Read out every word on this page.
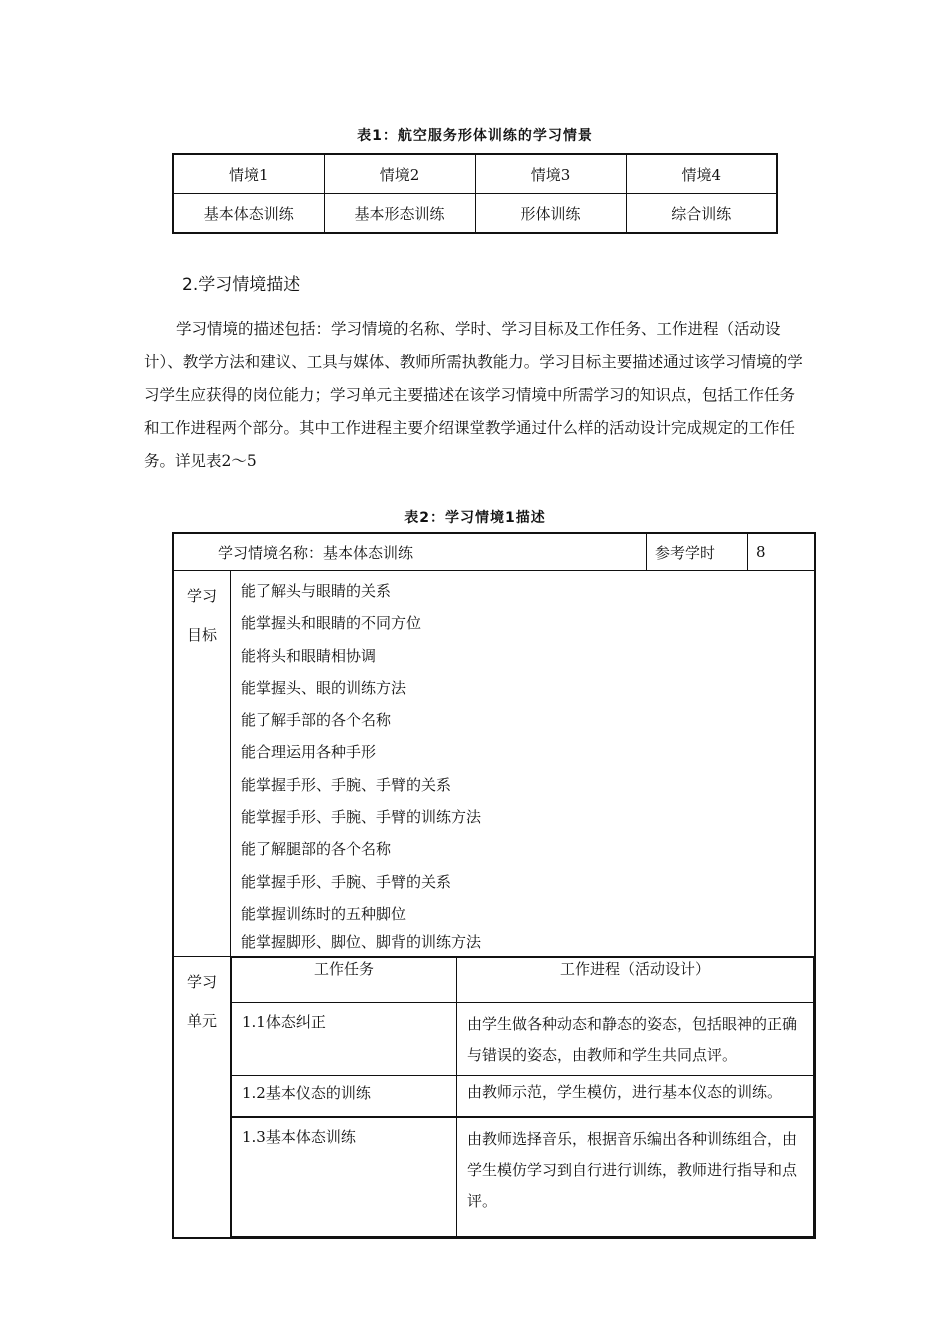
表1：航空服务形体训练的学习情景
情境1	情境2	情境3	情境4
基本体态训练	基本形态训练	形体训练	综合训练
2.学习情境描述
学习情境的描述包括：学习情境的名称、学时、学习目标及工作任务、工作进程（活动设计）、教学方法和建议、工具与媒体、教师所需执教能力。学习目标主要描述通过该学习情境的学习学生应获得的岗位能力；学习单元主要描述在该学习情境中所需学习的知识点，包括工作任务和工作进程两个部分。其中工作进程主要介绍课堂教学通过什么样的活动设计完成规定的工作任务。详见表2～5
表2：学习情境1描述
学习情境名称：基本体态训练	参考学时	8

学习目标

能了解头与眼睛的关系
能掌握头和眼睛的不同方位
能将头和眼睛相协调
能掌握头、眼的训练方法
能了解手部的各个名称
能合理运用各种手形
能掌握手形、手腕、手臂的关系
能掌握手形、手腕、手臂的训练方法
能了解腿部的各个名称
能掌握手形、手腕、手臂的关系
能掌握训练时的五种脚位
能掌握脚形、脚位、脚背的训练方法

学习单元

工作任务	工作进程（活动设计）
1.1体态纠正	由学生做各种动态和静态的姿态，包括眼神的正确与错误的姿态，由教师和学生共同点评。
1.2基本仪态的训练	由教师示范，学生模仿，进行基本仪态的训练。
1.3基本体态训练	由教师选择音乐，根据音乐编出各种训练组合，由学生模仿学习到自行进行训练，教师进行指导和点评。
